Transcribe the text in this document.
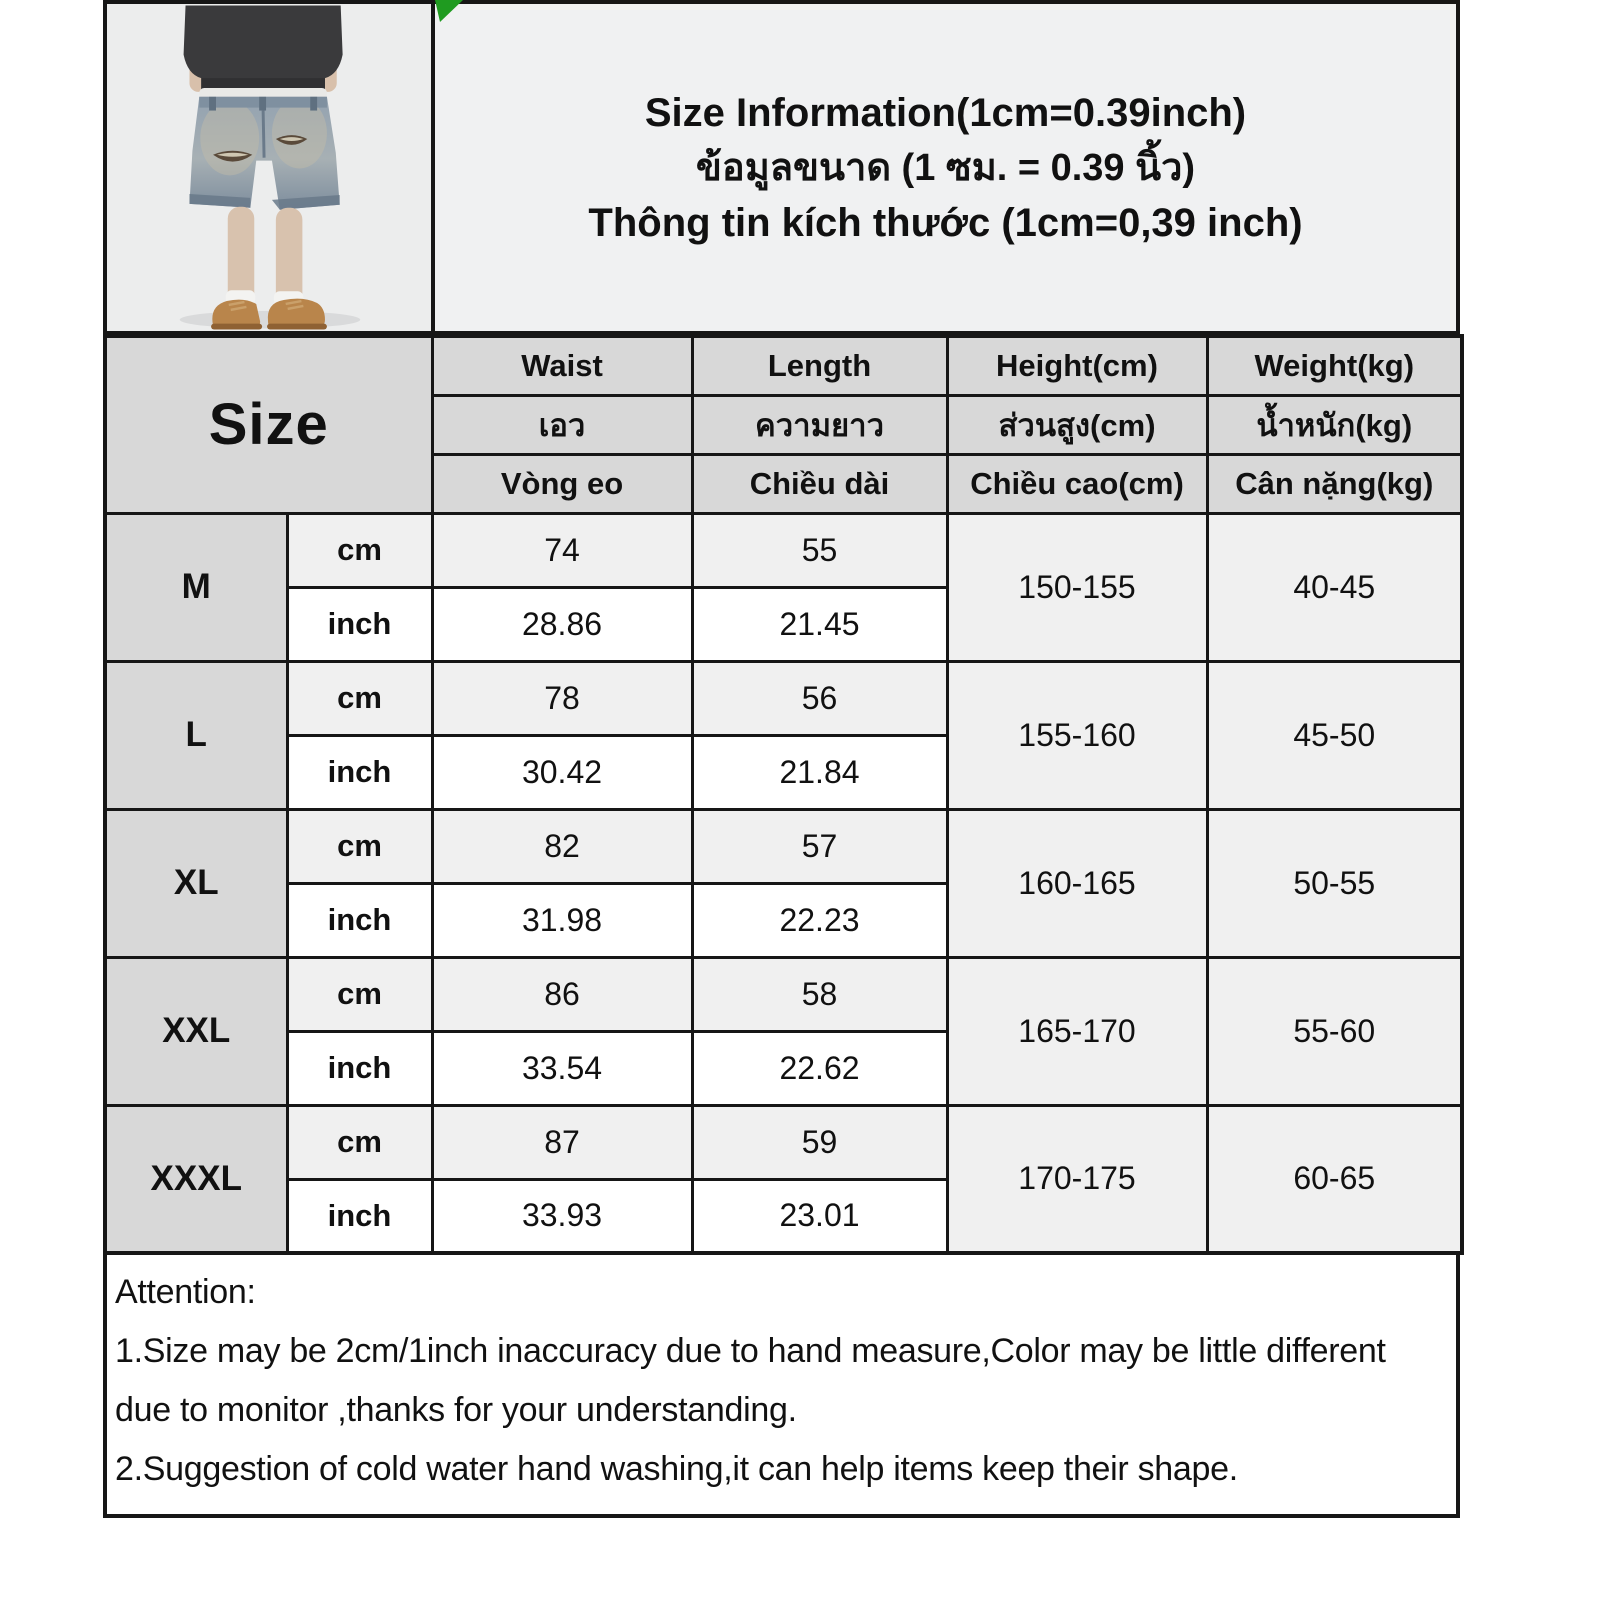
Size Information(1cm=0.39inch)
ข้อมูลขนาด (1 ซม. = 0.39 นิ้ว)
Thông tin kích thước (1cm=0,39 inch)
Size		Waist	Length	Height(cm)	Weight(kg)
		เอว	ความยาว	ส่วนสูง(cm)	น้ำหนัก(kg)
		Vòng eo	Chiều dài	Chiều cao(cm)	Cân nặng(kg)
M	cm	74	55	150-155	40-45
	inch	28.86	21.45		
L	cm	78	56	155-160	45-50
	inch	30.42	21.84		
XL	cm	82	57	160-165	50-55
	inch	31.98	22.23		
XXL	cm	86	58	165-170	55-60
	inch	33.54	22.62		
XXXL	cm	87	59	170-175	60-65
	inch	33.93	23.01		
Attention:
1.Size may be 2cm/1inch inaccuracy due to hand measure,Color may be little different due to monitor ,thanks for your understanding.
2.Suggestion of cold water hand washing,it can help items keep their shape.
